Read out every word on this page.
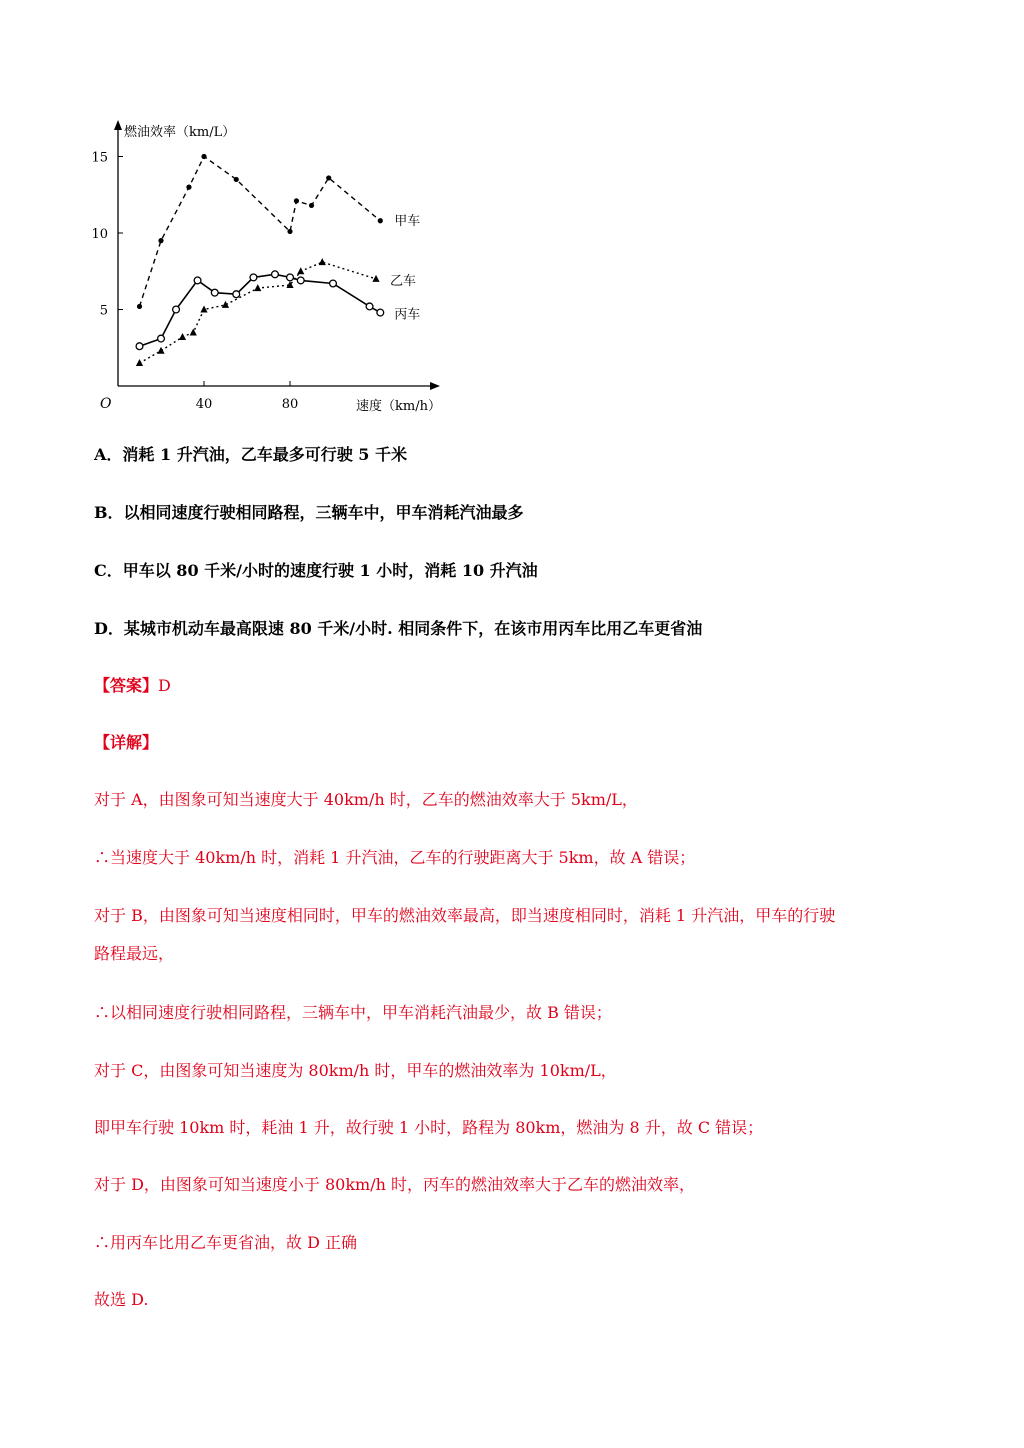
40	80
5
10
15
O
燃油效率（km/L）
速度（km/h）
甲车
乙车
丙车
A．消耗 1 升汽油，乙车最多可行驶 5 千米
B．以相同速度行驶相同路程，三辆车中，甲车消耗汽油最多
C．甲车以 80 千米/小时的速度行驶 1 小时，消耗 10 升汽油
D．某城市机动车最高限速 80 千米/小时. 相同条件下，在该市用丙车比用乙车更省油
【答案】D
【详解】
对于 A，由图象可知当速度大于 40km/h 时，乙车的燃油效率大于 5km/L，
∴当速度大于 40km/h 时，消耗 1 升汽油，乙车的行驶距离大于 5km，故 A 错误；
对于 B，由图象可知当速度相同时，甲车的燃油效率最高，即当速度相同时，消耗 1 升汽油，甲车的行驶
路程最远，
∴以相同速度行驶相同路程，三辆车中，甲车消耗汽油最少，故 B 错误；
对于 C，由图象可知当速度为 80km/h 时，甲车的燃油效率为 10km/L，
即甲车行驶 10km 时，耗油 1 升，故行驶 1 小时，路程为 80km，燃油为 8 升，故 C 错误；
对于 D，由图象可知当速度小于 80km/h 时，丙车的燃油效率大于乙车的燃油效率，
∴用丙车比用乙车更省油，故 D 正确
故选 D.
